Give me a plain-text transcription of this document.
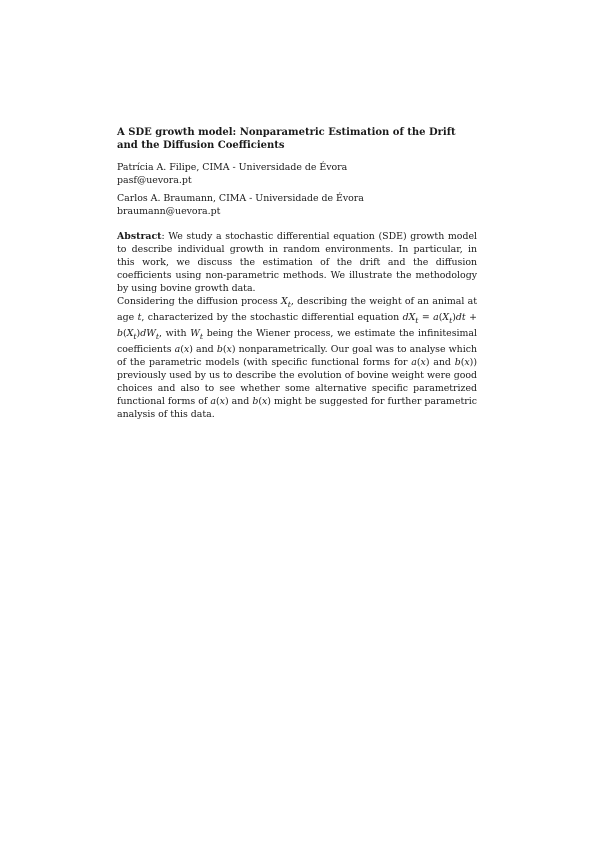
A SDE growth model: Nonparametric Estimation of the Drift and the Diffusion Coefficients

Patrícia A. Filipe, CIMA - Universidade de Évora

pasf@uevora.pt

Carlos A. Braumann, CIMA - Universidade de Évora

braumann@uevora.pt

Abstract: We study a stochastic differential equation (SDE) growth model to describe individual growth in random environments. In particular, in this work, we discuss the estimation of the drift and the diffusion coefficients using non-parametric methods. We illustrate the methodology by using bovine growth data.

Considering the diffusion process $X_t$, describing the weight of an animal at age t, characterized by the stochastic differential equation $dX_t = a(X_t)dt + b(X_t)dW_t$, with $W_t$ being the Wiener process, we estimate the infinitesimal coefficients a(x) and b(x) nonparametrically. Our goal was to analyse which of the parametric models (with specific functional forms for a(x) and b(x)) previously used by us to describe the evolution of bovine weight were good choices and also to see whether some alternative specific parametrized functional forms of a(x) and b(x) might be suggested for further parametric analysis of this data.
